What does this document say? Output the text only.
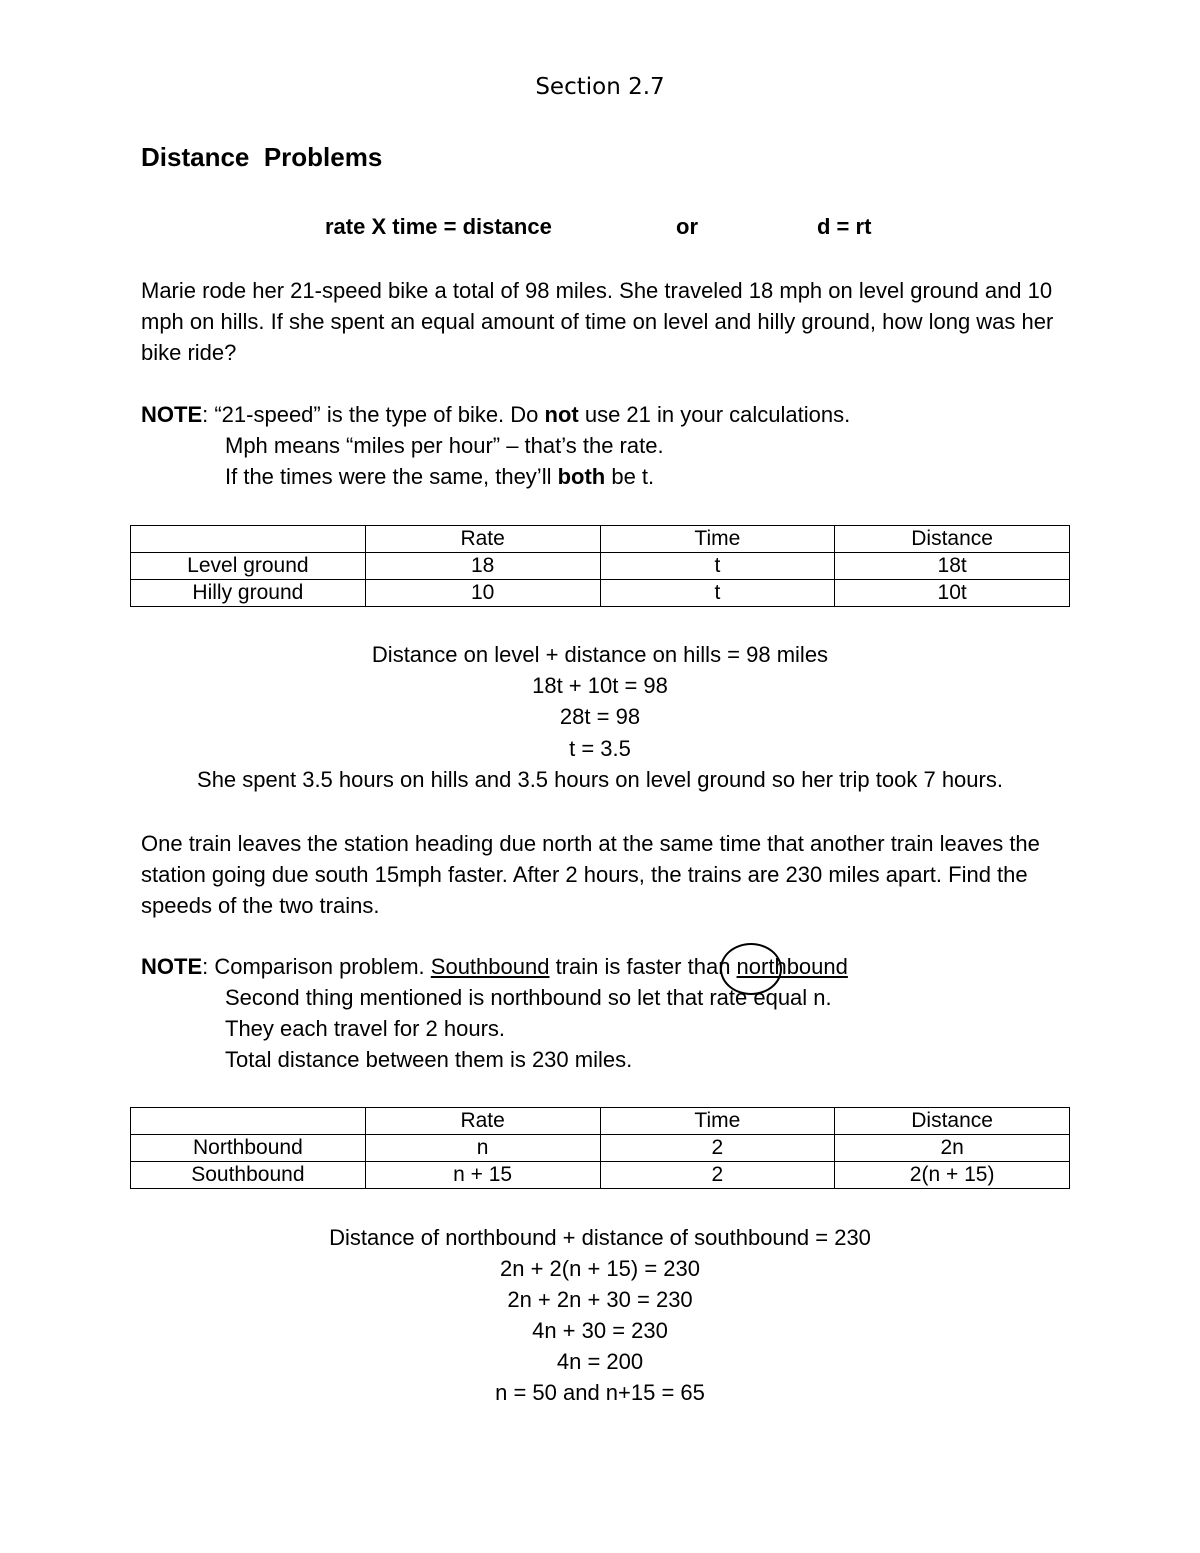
Section 2.7
Distance  Problems
rate X time = distance	or	d = rt
Marie rode her 21-speed bike a total of 98 miles. She traveled 18 mph on level ground and 10 mph on hills. If she spent an equal amount of time on level and hilly ground, how long was her bike ride?
NOTE: “21-speed” is the type of bike. Do not use 21 in your calculations.
Mph means “miles per hour” – that’s the rate.
If the times were the same, they’ll both be t.
	Rate	Time	Distance
Level ground	18	t	18t
Hilly ground	10	t	10t
Distance on level + distance on hills = 98 miles
18t + 10t = 98
28t = 98
t = 3.5
She spent 3.5 hours on hills and 3.5 hours on level ground so her trip took 7 hours.
One train leaves the station heading due north at the same time that another train leaves the station going due south 15mph faster. After 2 hours, the trains are 230 miles apart. Find the speeds of the two trains.
NOTE: Comparison problem. Southbound train is faster than northbound
Second thing mentioned is northbound so let that rate equal n.
They each travel for 2 hours.
Total distance between them is 230 miles.
	Rate	Time	Distance
Northbound	n	2	2n
Southbound	n + 15	2	2(n + 15)
Distance of northbound + distance of southbound = 230
2n + 2(n + 15) = 230
2n + 2n + 30 = 230
4n + 30 = 230
4n = 200
n = 50 and n+15 = 65
